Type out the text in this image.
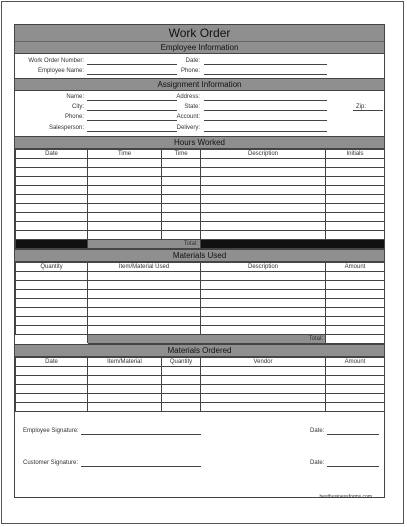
Work Order
Employee Information
Work Order Number:
Employee Name:
Date:
Phone:
Assignment Information
Name:
City:
Phone:
Salesperson:
Address:
State:	Zip:
Account:
Delivery:
Hours Worked
Date	Time	Time	Description	Initials

	Total:			
Materials Used
Quantity	Item/Material Used	Description	Amount

	Total:		
Materials Ordered
Date	Item/Material	Quantity	Vendor	Amount

Employee Signature:	Date:
Customer Signature:	Date:
bestbusinessforms.com
